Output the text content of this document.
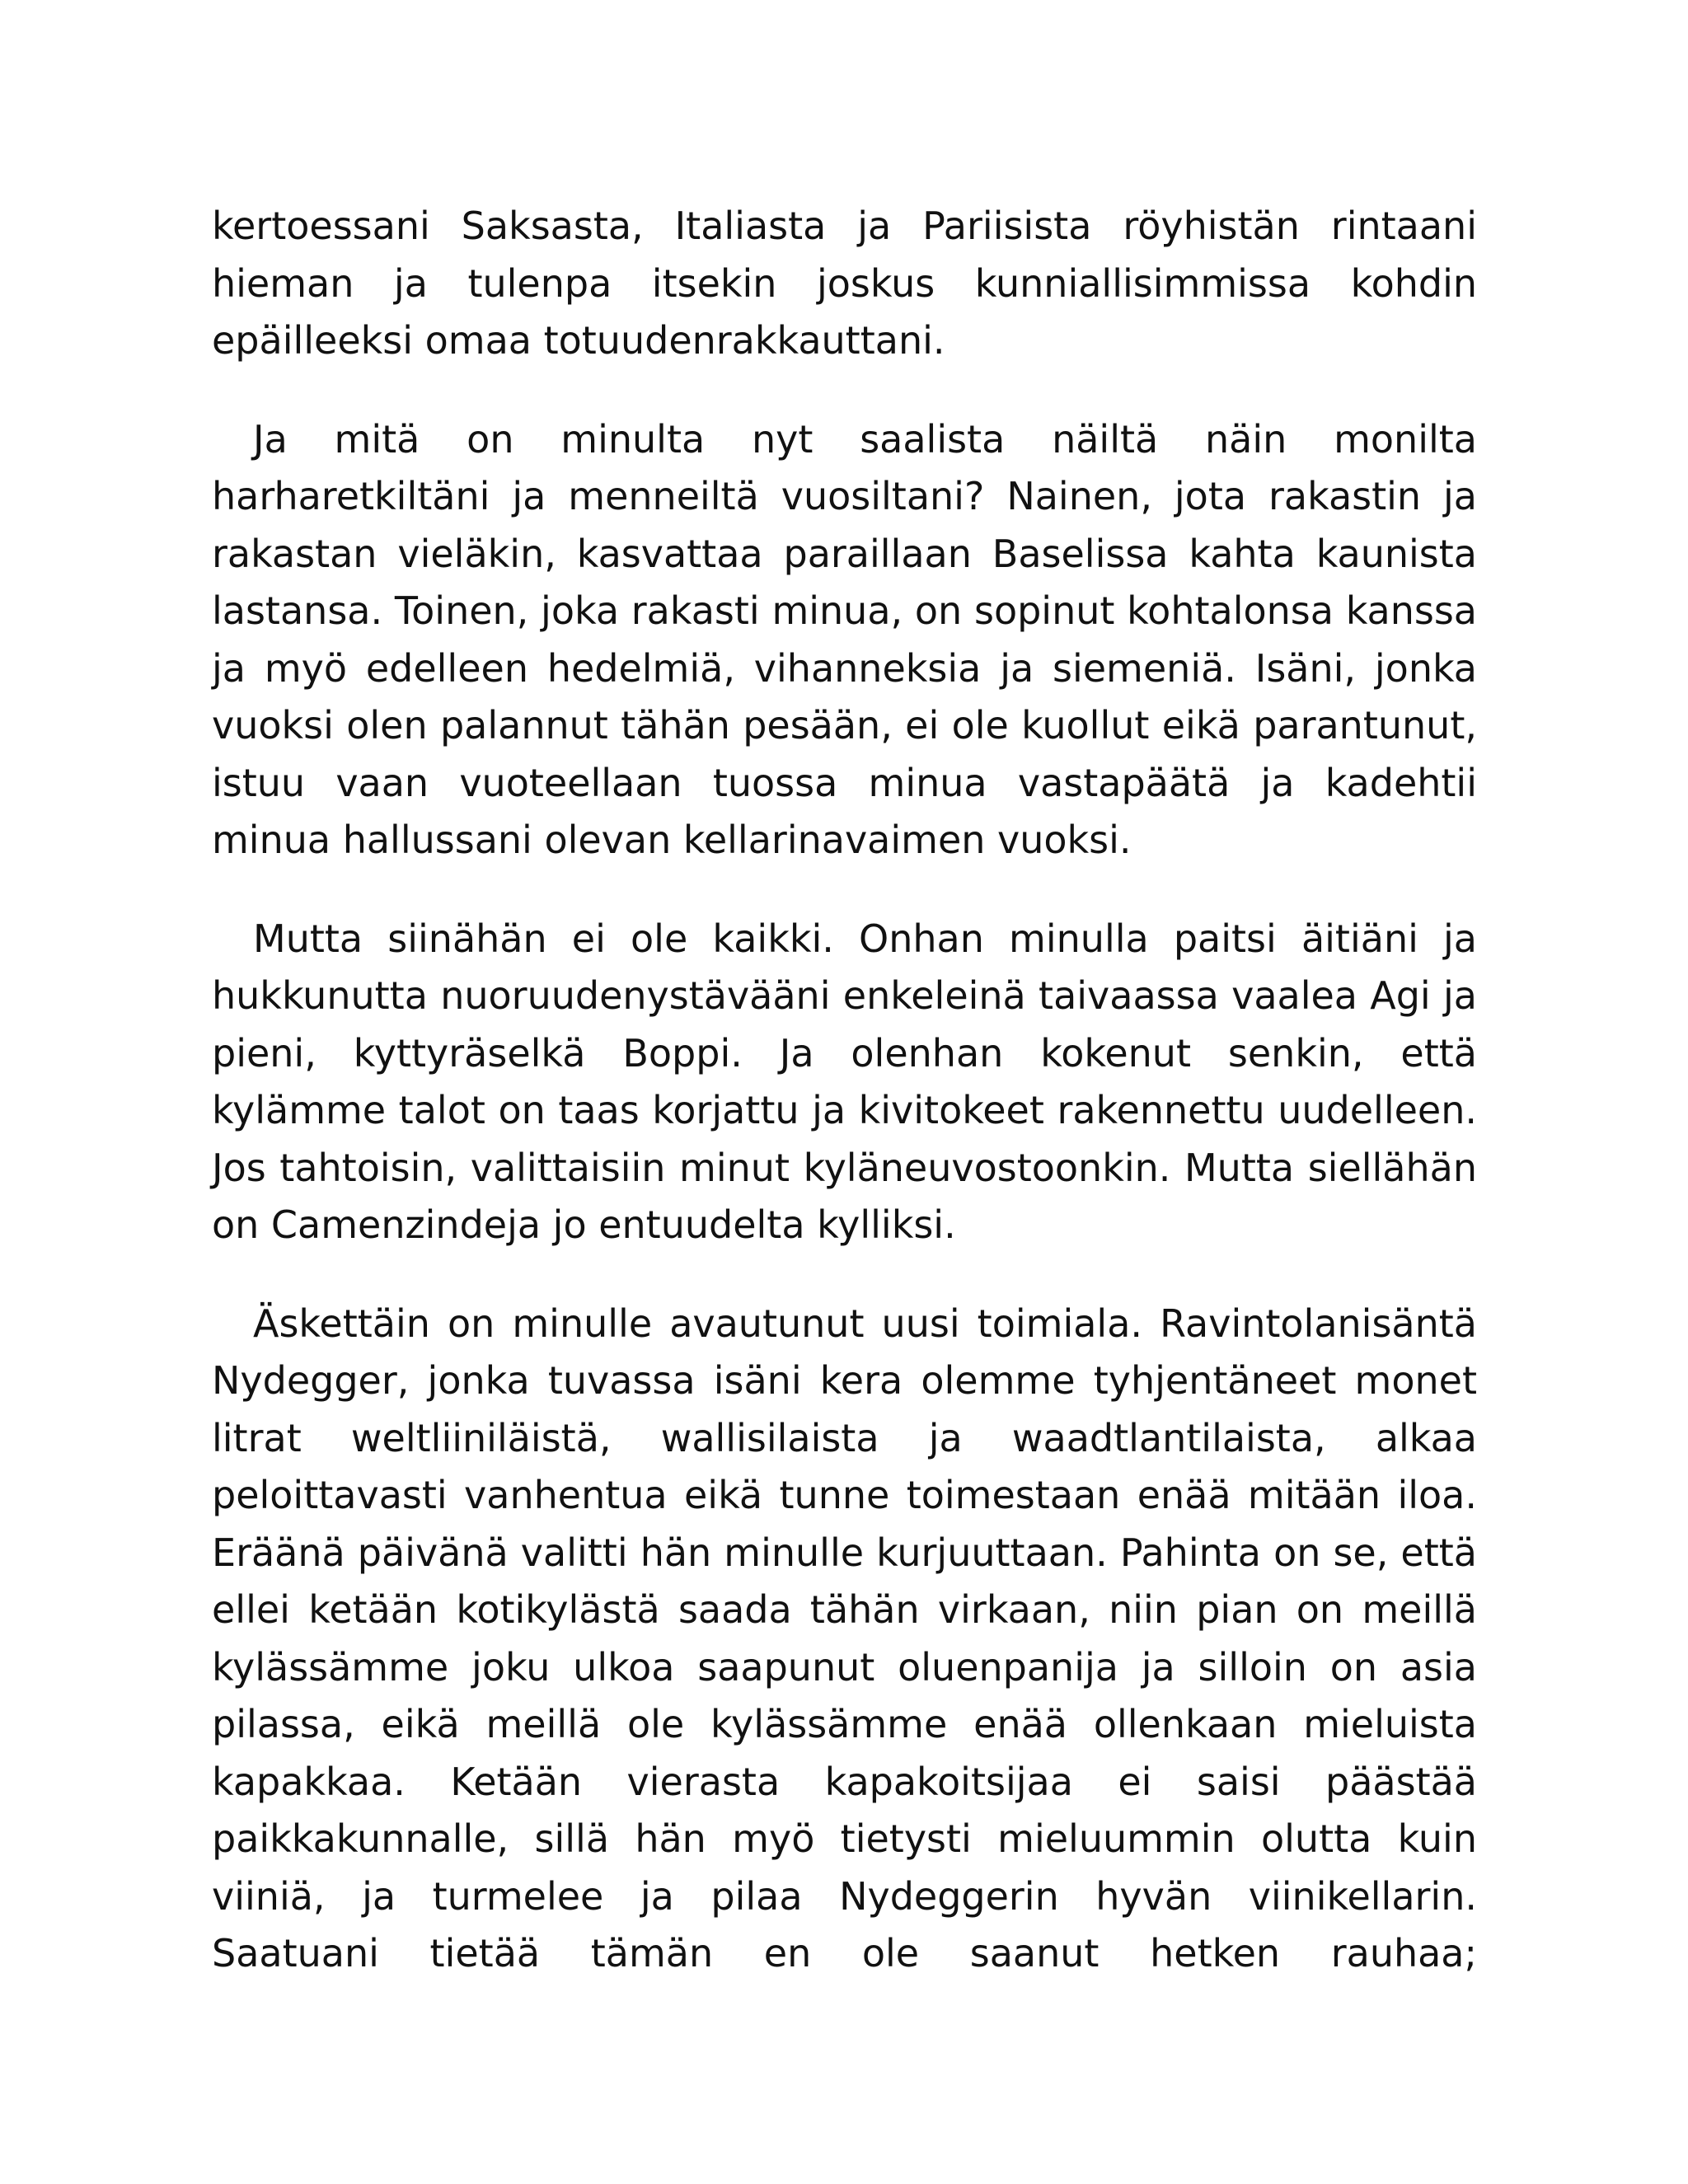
kertoessani Saksasta, Italiasta ja Pariisista röyhistän rintaani hieman ja tulenpa itsekin joskus kunniallisimmissa kohdin epäilleeksi omaa totuudenrakkauttani.

Ja mitä on minulta nyt saalista näiltä näin monilta harharetkiltäni ja menneiltä vuosiltani? Nainen, jota rakastin ja rakastan vieläkin, kasvattaa paraillaan Baselissa kahta kaunista lastansa. Toinen, joka rakasti minua, on sopinut kohtalonsa kanssa ja myö edelleen hedelmiä, vihanneksia ja siemeniä. Isäni, jonka vuoksi olen palannut tähän pesään, ei ole kuollut eikä parantunut, istuu vaan vuoteellaan tuossa minua vastapäätä ja kadehtii minua hallussani olevan kellarinavaimen vuoksi.

Mutta siinähän ei ole kaikki. Onhan minulla paitsi äitiäni ja hukkunutta nuoruudenystävääni enkeleinä taivaassa vaalea Agi ja pieni, kyttyräselkä Boppi. Ja olenhan kokenut senkin, että kylämme talot on taas korjattu ja kivitokeet rakennettu uudelleen. Jos tahtoisin, valittaisiin minut kyläneuvostoonkin. Mutta siellähän on Camenzindeja jo entuudelta kylliksi.

Äskettäin on minulle avautunut uusi toimiala. Ravintolanisäntä Nydegger, jonka tuvassa isäni kera olemme tyhjentäneet monet litrat weltliiniläistä, wallisilaista ja waadtlantilaista, alkaa peloittavasti vanhentua eikä tunne toimestaan enää mitään iloa. Eräänä päivänä valitti hän minulle kurjuuttaan. Pahinta on se, että ellei ketään kotikylästä saada tähän virkaan, niin pian on meillä kylässämme joku ulkoa saapunut oluenpanija ja silloin on asia pilassa, eikä meillä ole kylässämme enää ollenkaan mieluista kapakkaa. Ketään vierasta kapakoitsijaa ei saisi päästää paikkakunnalle, sillä hän myö tietysti mieluummin olutta kuin viiniä, ja turmelee ja pilaa Nydeggerin hyvän viinikellarin. Saatuani tietää tämän en ole saanut hetken rauhaa;
